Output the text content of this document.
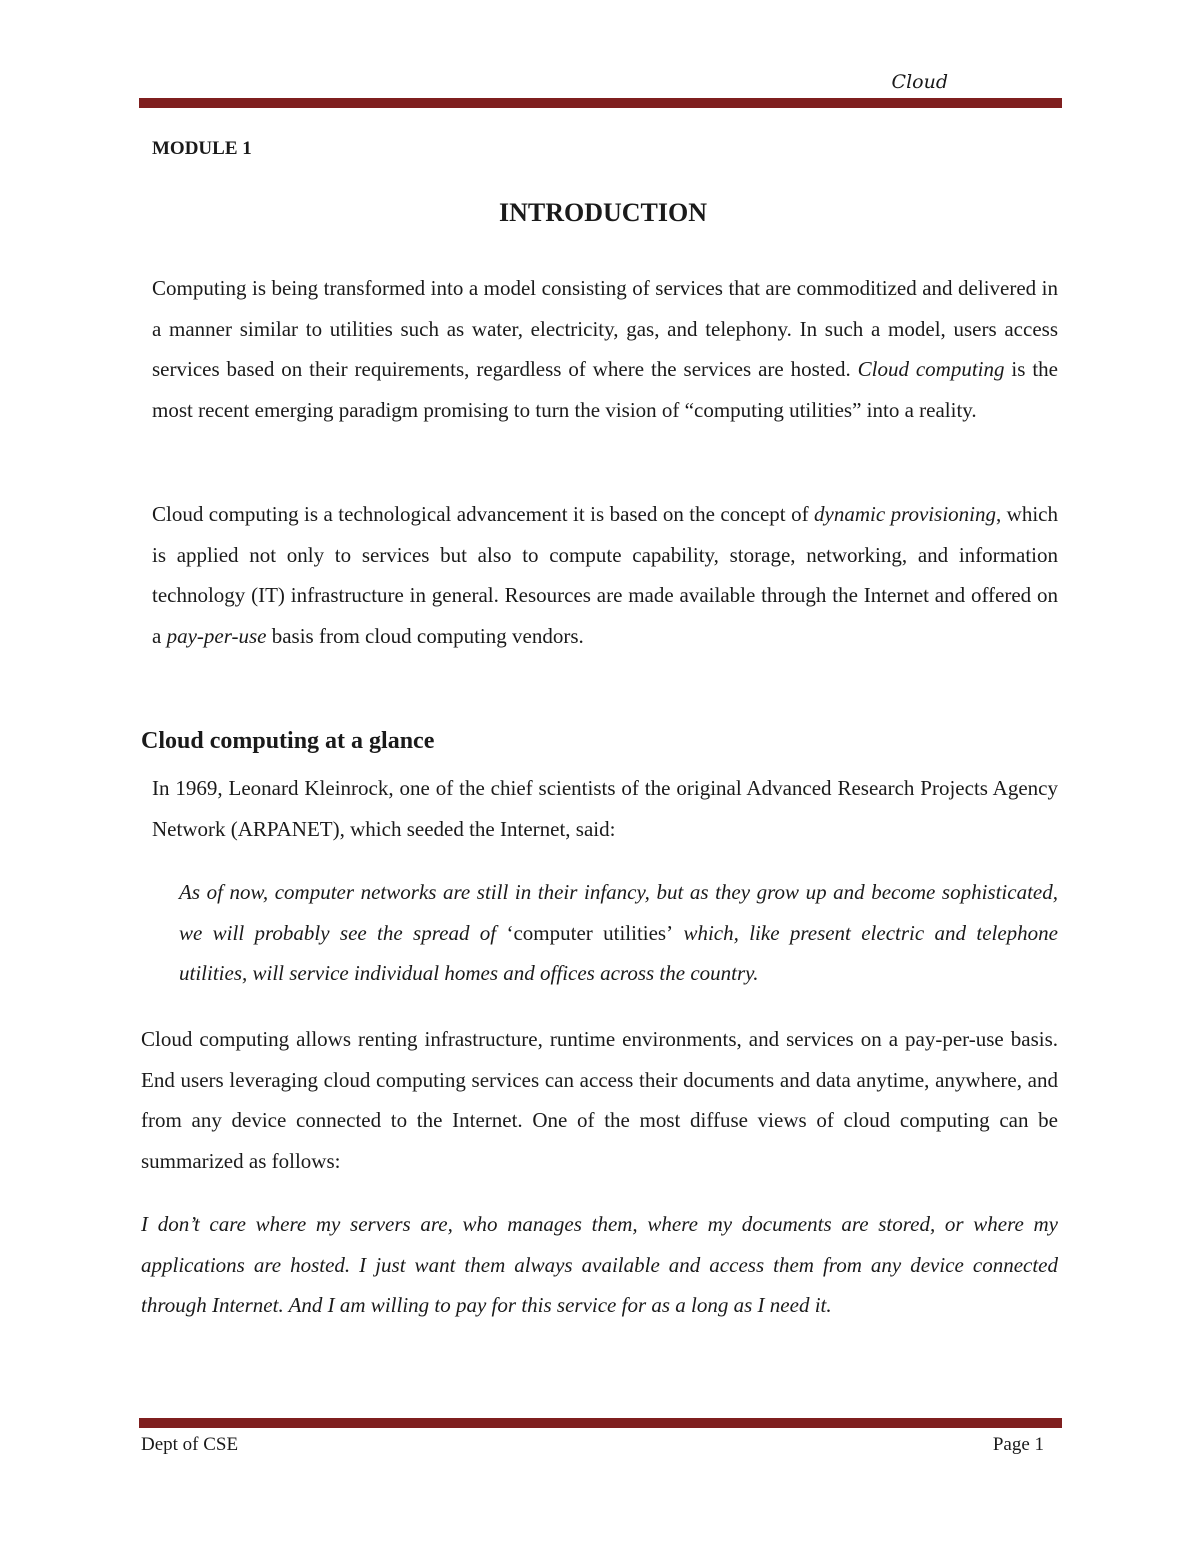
Cloud
MODULE 1
INTRODUCTION

Computing is being transformed into a model consisting of services that are commoditized and delivered in a manner similar to utilities such as water, electricity, gas, and telephony. In such a model, users access services based on their requirements, regardless of where the services are hosted. Cloud computing is the most recent emerging paradigm promising to turn the vision of “computing utilities” into a reality.

Cloud computing is a technological advancement it is based on the concept of dynamic provisioning, which is applied not only to services but also to compute capability, storage, networking, and information technology (IT) infrastructure in general. Resources are made available through the Internet and offered on a pay-per-use basis from cloud computing vendors.

Cloud computing at a glance

In 1969, Leonard Kleinrock, one of the chief scientists of the original Advanced Research Projects Agency Network (ARPANET), which seeded the Internet, said:

As of now, computer networks are still in their infancy, but as they grow up and become sophisticated, we will probably see the spread of ‘computer utilities’ which, like present electric and telephone utilities, will service individual homes and offices across the country.

Cloud computing allows renting infrastructure, runtime environments, and services on a pay-per-use basis. End users leveraging cloud computing services can access their documents and data anytime, anywhere, and from any device connected to the Internet. One of the most diffuse views of cloud computing can be summarized as follows:

I don’t care where my servers are, who manages them, where my documents are stored, or where my applications are hosted. I just want them always available and access them from any device connected through Internet. And I am willing to pay for this service for as a long as I need it.

Dept of CSE	Page 1
